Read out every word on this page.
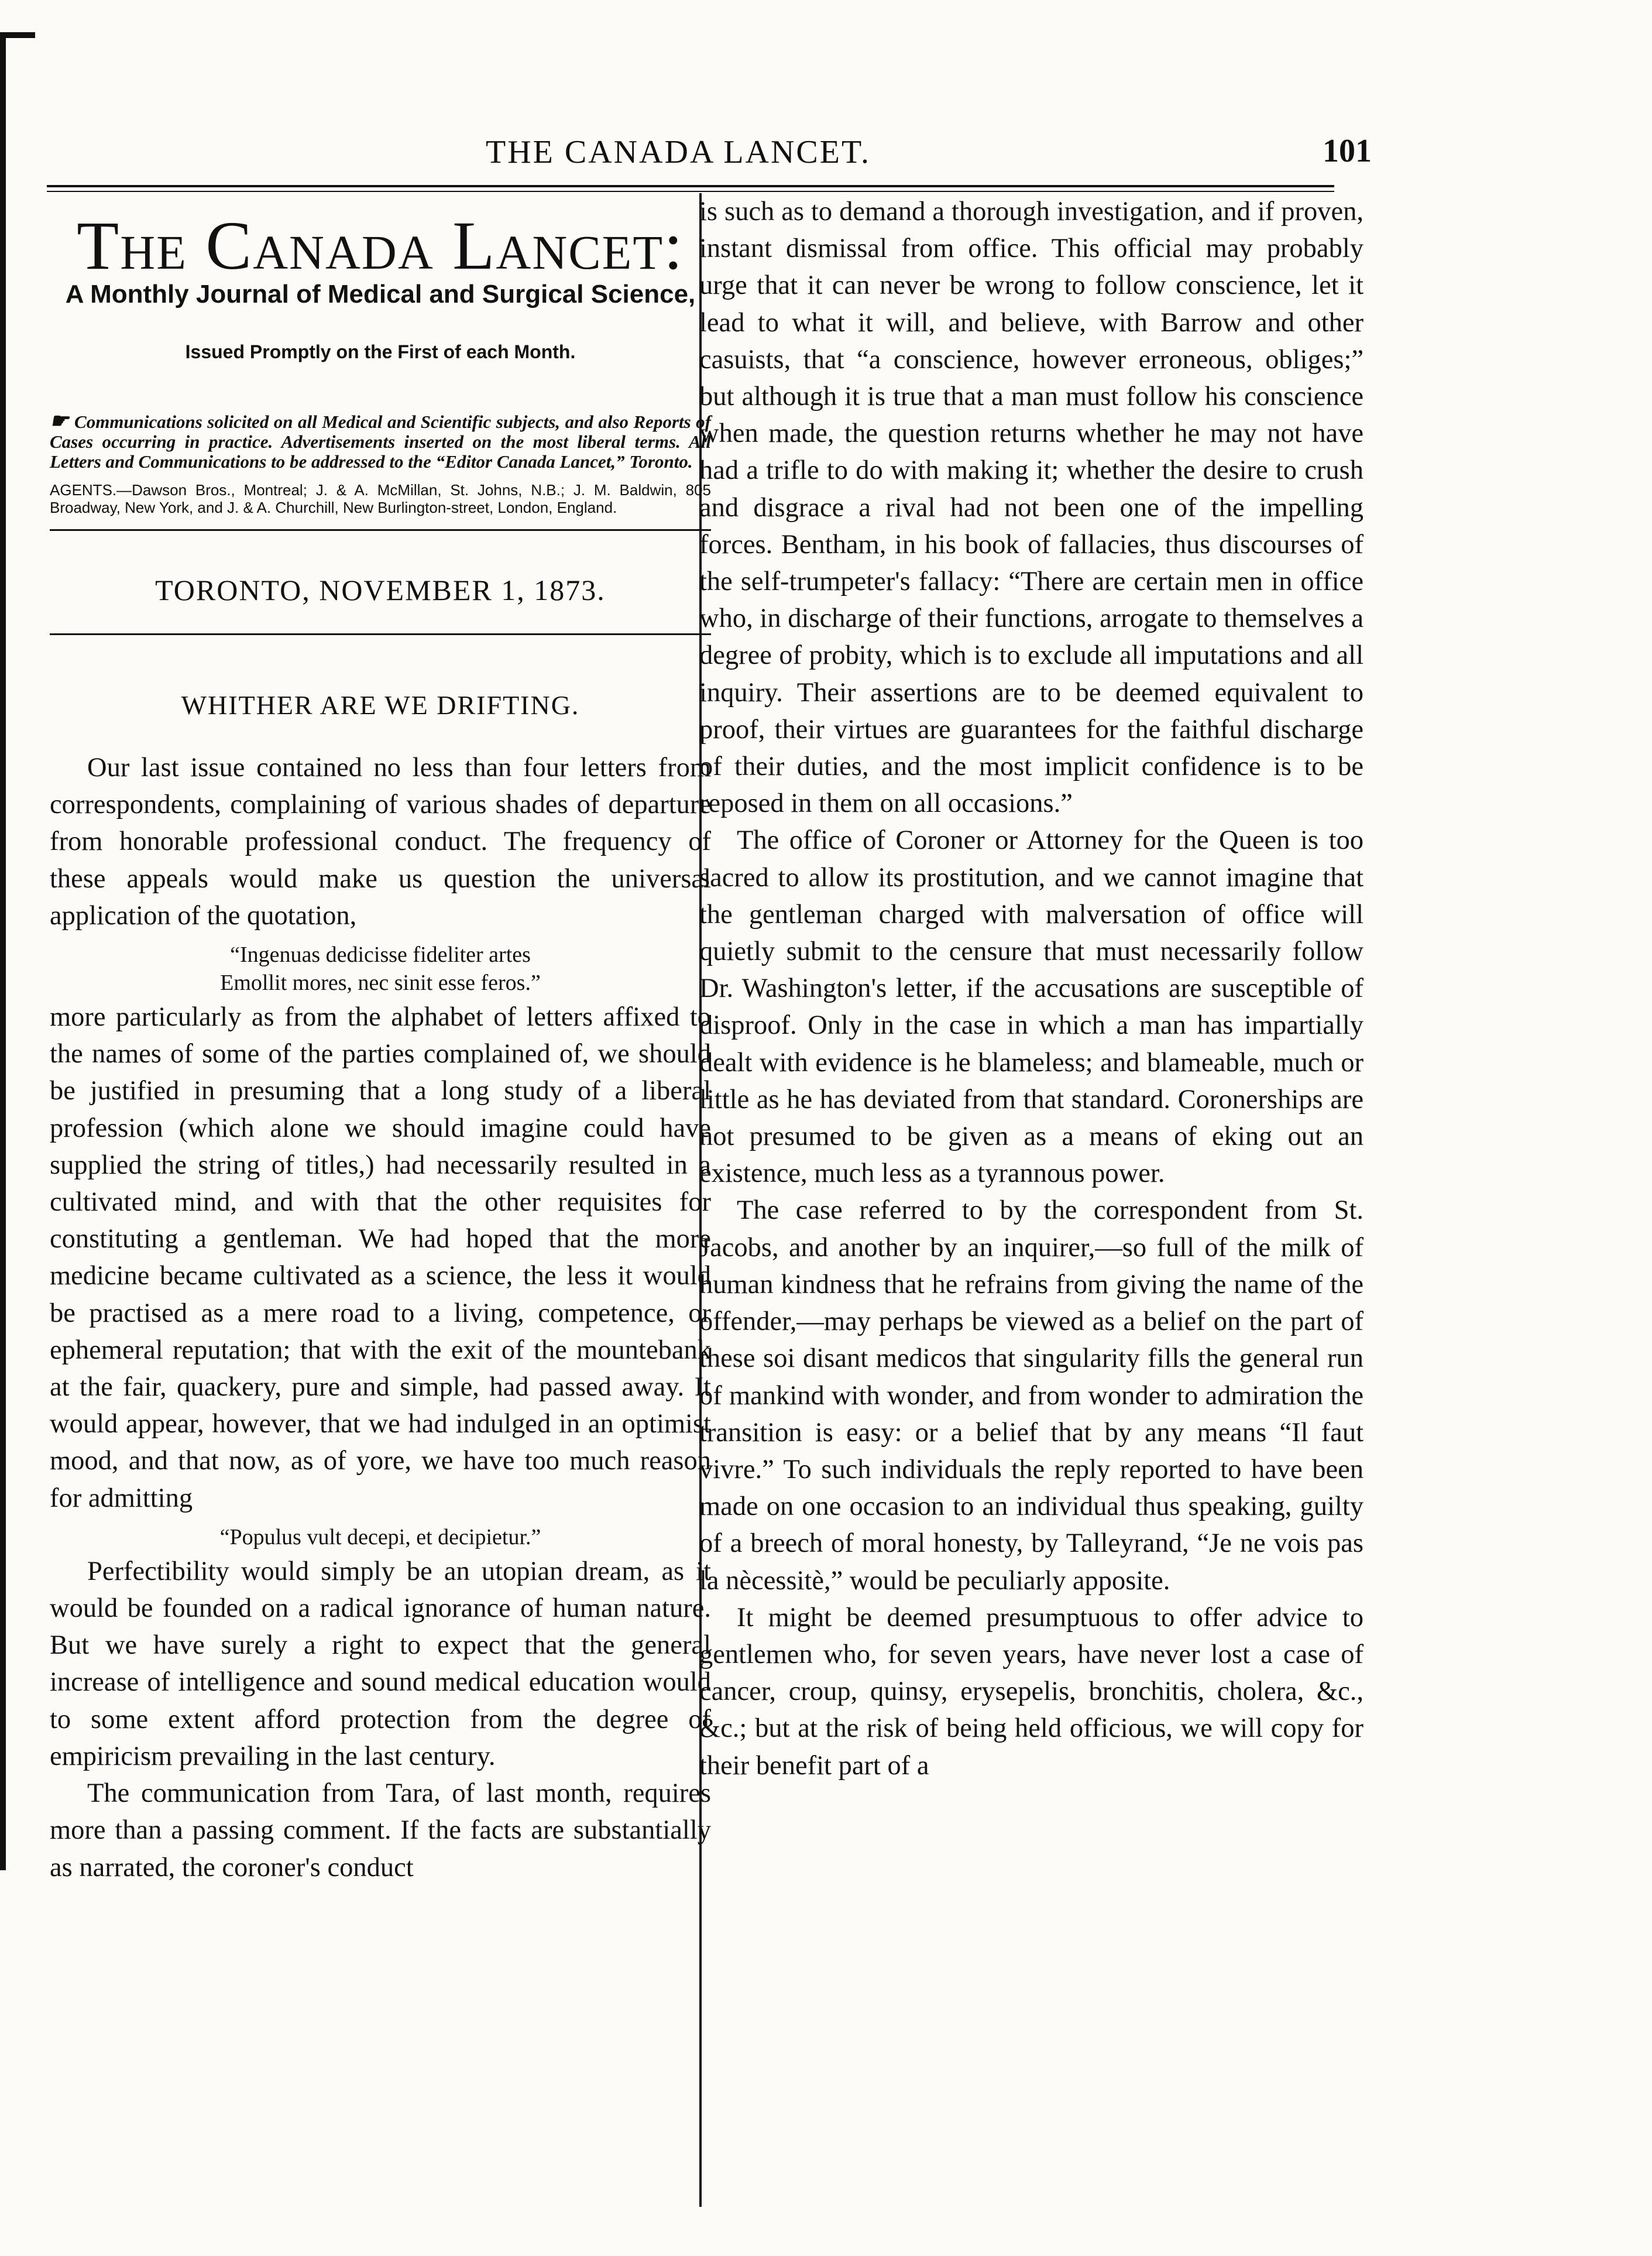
THE CANADA LANCET.	101
The Canada Lancet:
A Monthly Journal of Medical and Surgical Science,
Issued Promptly on the First of each Month.
☛ Communications solicited on all Medical and Scientific subjects, and also Reports of Cases occurring in practice. Advertisements inserted on the most liberal terms. All Letters and Communications to be addressed to the “Editor Canada Lancet,” Toronto.
AGENTS.—Dawson Bros., Montreal; J. & A. McMillan, St. Johns, N.B.; J. M. Baldwin, 805 Broadway, New York, and J. & A. Churchill, New Burlington-street, London, England.
TORONTO, NOVEMBER 1, 1873.
WHITHER ARE WE DRIFTING.

Our last issue contained no less than four letters from correspondents, complaining of various shades of departure from honorable professional conduct. The frequency of these appeals would make us question the universal application of the quotation,

“Ingenuas dedicisse fideliter artes
Emollit mores, nec sinit esse feros.”

more particularly as from the alphabet of letters affixed to the names of some of the parties complained of, we should be justified in presuming that a long study of a liberal profession (which alone we should imagine could have supplied the string of titles,) had necessarily resulted in a cultivated mind, and with that the other requisites for constituting a gentleman. We had hoped that the more medicine became cultivated as a science, the less it would be practised as a mere road to a living, competence, or ephemeral reputation; that with the exit of the mountebank at the fair, quackery, pure and simple, had passed away. It would appear, however, that we had indulged in an optimist mood, and that now, as of yore, we have too much reason for admitting

“Populus vult decepi, et decipietur.”

Perfectibility would simply be an utopian dream, as it would be founded on a radical ignorance of human nature. But we have surely a right to expect that the general increase of intelligence and sound medical education would to some extent afford protection from the degree of empiricism prevailing in the last century.

The communication from Tara, of last month, requires more than a passing comment. If the facts are substantially as narrated, the coroner's conduct

is such as to demand a thorough investigation, and if proven, instant dismissal from office. This official may probably urge that it can never be wrong to follow conscience, let it lead to what it will, and believe, with Barrow and other casuists, that “a conscience, however erroneous, obliges;” but although it is true that a man must follow his conscience when made, the question returns whether he may not have had a trifle to do with making it; whether the desire to crush and disgrace a rival had not been one of the impelling forces. Bentham, in his book of fallacies, thus discourses of the self-trumpeter's fallacy: “There are certain men in office who, in discharge of their functions, arrogate to themselves a degree of probity, which is to exclude all imputations and all inquiry. Their assertions are to be deemed equivalent to proof, their virtues are guarantees for the faithful discharge of their duties, and the most implicit confidence is to be reposed in them on all occasions.”

The office of Coroner or Attorney for the Queen is too sacred to allow its prostitution, and we cannot imagine that the gentleman charged with malversation of office will quietly submit to the censure that must necessarily follow Dr. Washington's letter, if the accusations are susceptible of disproof. Only in the case in which a man has impartially dealt with evidence is he blameless; and blameable, much or little as he has deviated from that standard. Coronerships are not presumed to be given as a means of eking out an existence, much less as a tyrannous power.

The case referred to by the correspondent from St. Jacobs, and another by an inquirer,—so full of the milk of human kindness that he refrains from giving the name of the offender,—may perhaps be viewed as a belief on the part of these soi disant medicos that singularity fills the general run of mankind with wonder, and from wonder to admiration the transition is easy: or a belief that by any means “Il faut vivre.” To such individuals the reply reported to have been made on one occasion to an individual thus speaking, guilty of a breech of moral honesty, by Talleyrand, “Je ne vois pas la nècessitè,” would be peculiarly apposite.

It might be deemed presumptuous to offer advice to gentlemen who, for seven years, have never lost a case of cancer, croup, quinsy, erysepelis, bronchitis, cholera, &c., &c.; but at the risk of being held officious, we will copy for their benefit part of a
